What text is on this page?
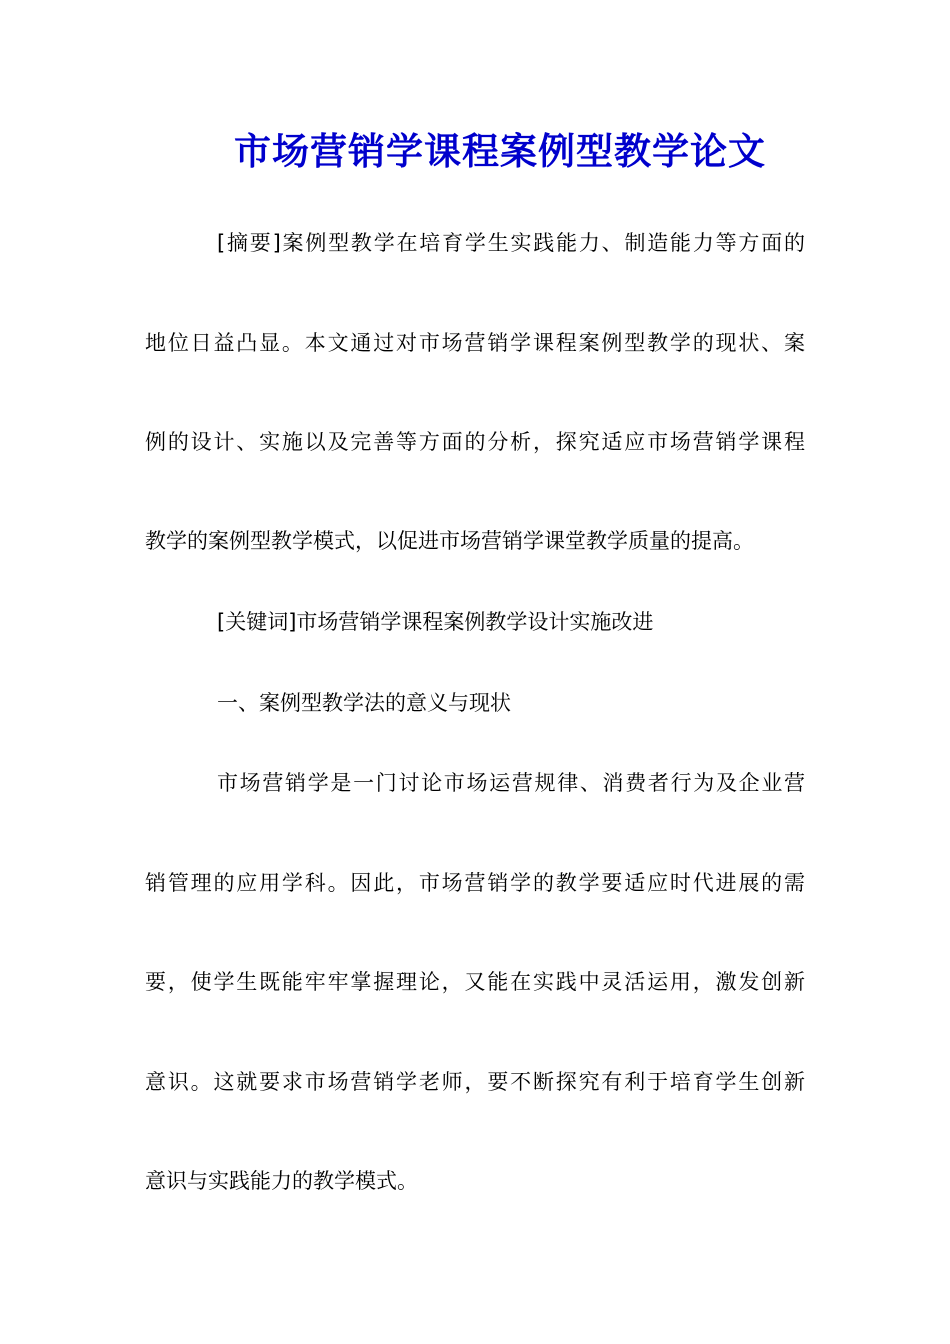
市场营销学课程案例型教学论文
[摘要]案例型教学在培育学生实践能力、制造能力等方面的
地位日益凸显。本文通过对市场营销学课程案例型教学的现状、案
例的设计、实施以及完善等方面的分析，探究适应市场营销学课程
教学的案例型教学模式，以促进市场营销学课堂教学质量的提高。
[关键词]市场营销学课程案例教学设计实施改进
一、案例型教学法的意义与现状
市场营销学是一门讨论市场运营规律、消费者行为及企业营
销管理的应用学科。因此，市场营销学的教学要适应时代进展的需
要，使学生既能牢牢掌握理论，又能在实践中灵活运用，激发创新
意识。这就要求市场营销学老师，要不断探究有利于培育学生创新
意识与实践能力的教学模式。
